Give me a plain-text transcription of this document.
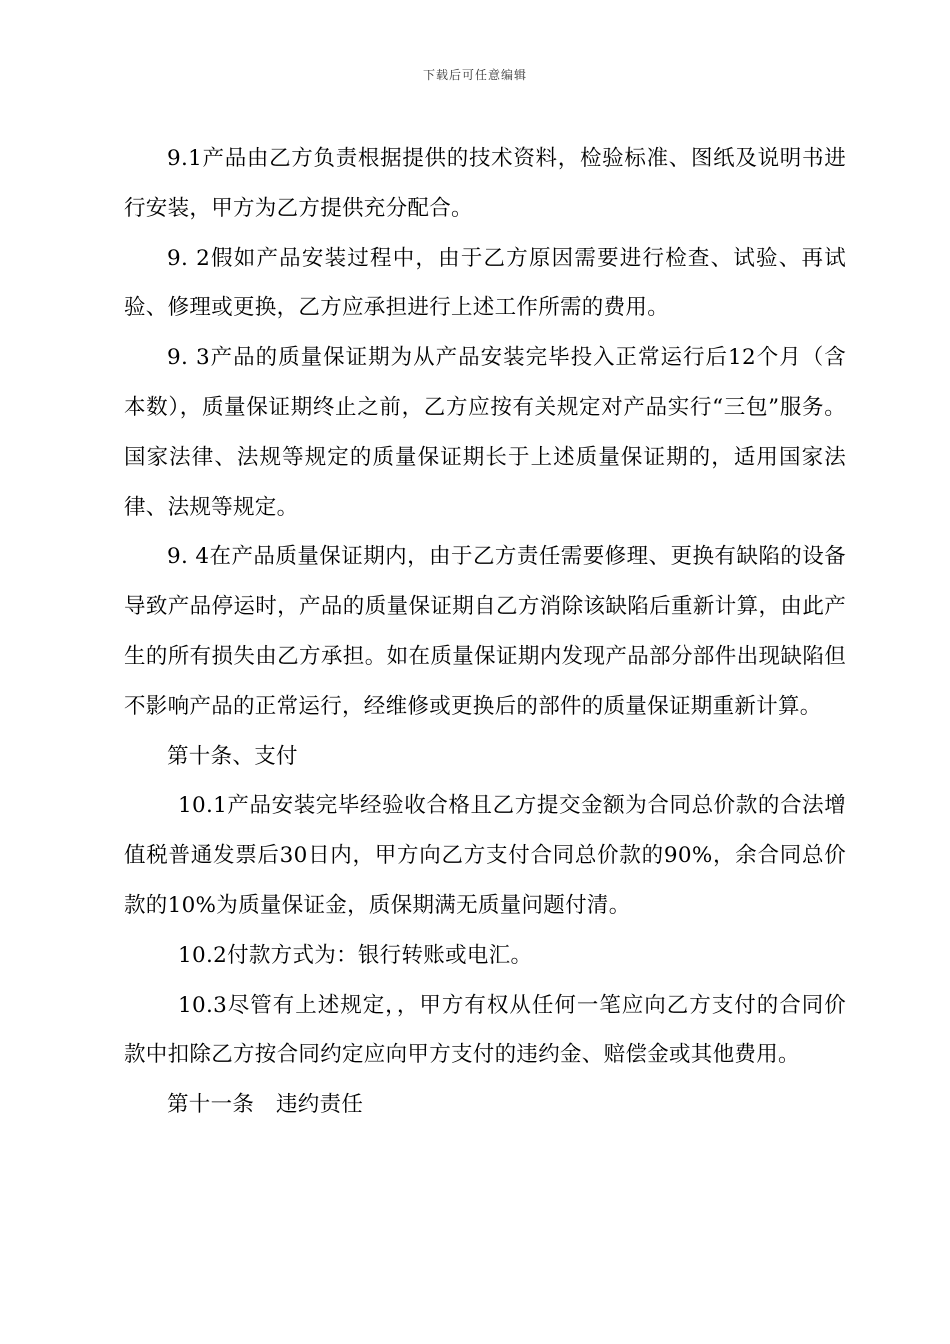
下载后可任意编辑

9.1产品由乙方负责根据提供的技术资料，检验标准、图纸及说明书进行安装，甲方为乙方提供充分配合。

9. 2假如产品安装过程中，由于乙方原因需要进行检查、试验、再试验、修理或更换，乙方应承担进行上述工作所需的费用。

9. 3产品的质量保证期为从产品安装完毕投入正常运行后12个月（含本数），质量保证期终止之前，乙方应按有关规定对产品实行“三包”服务。国家法律、法规等规定的质量保证期长于上述质量保证期的，适用国家法律、法规等规定。

9. 4在产品质量保证期内，由于乙方责任需要修理、更换有缺陷的设备导致产品停运时，产品的质量保证期自乙方消除该缺陷后重新计算，由此产生的所有损失由乙方承担。如在质量保证期内发现产品部分部件出现缺陷但不影响产品的正常运行，经维修或更换后的部件的质量保证期重新计算。

第十条、支付

10.1产品安装完毕经验收合格且乙方提交金额为合同总价款的合法增值税普通发票后30日内，甲方向乙方支付合同总价款的90%，余合同总价款的10%为质量保证金，质保期满无质量问题付清。

10.2付款方式为：银行转账或电汇。

10.3尽管有上述规定，，甲方有权从任何一笔应向乙方支付的合同价款中扣除乙方按合同约定应向甲方支付的违约金、赔偿金或其他费用。

第十一条　违约责任
